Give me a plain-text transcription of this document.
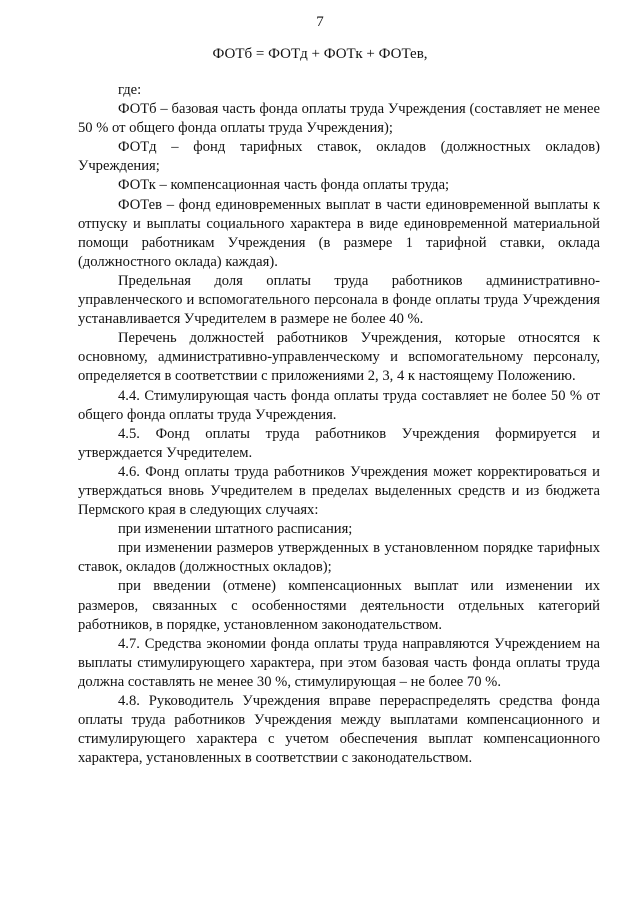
7
ФОТб = ФОТд + ФОТк + ФОТев,

где:

ФОТб – базовая часть фонда оплаты труда Учреждения (составляет не менее 50 % от общего фонда оплаты труда Учреждения);

ФОТд – фонд тарифных ставок, окладов (должностных окладов) Учреждения;

ФОТк – компенсационная часть фонда оплаты труда;

ФОТев – фонд единовременных выплат в части единовременной выплаты к отпуску и выплаты социального характера в виде единовременной материальной помощи работникам Учреждения (в размере 1 тарифной ставки, оклада (должностного оклада) каждая).

Предельная доля оплаты труда работников административно-управленческого и вспомогательного персонала в фонде оплаты труда Учреждения устанавливается Учредителем в размере не более 40 %.

Перечень должностей работников Учреждения, которые относятся к основному, административно-управленческому и вспомогательному персоналу, определяется в соответствии с приложениями 2, 3, 4 к настоящему Положению.

4.4. Стимулирующая часть фонда оплаты труда составляет не более 50 % от общего фонда оплаты труда Учреждения.

4.5. Фонд оплаты труда работников Учреждения формируется и утверждается Учредителем.

4.6. Фонд оплаты труда работников Учреждения может корректироваться и утверждаться вновь Учредителем в пределах выделенных средств и из бюджета Пермского края в следующих случаях:

при изменении штатного расписания;

при изменении размеров утвержденных в установленном порядке тарифных ставок, окладов (должностных окладов);

при введении (отмене) компенсационных выплат или изменении их размеров, связанных с особенностями деятельности отдельных категорий работников, в порядке, установленном законодательством.

4.7. Средства экономии фонда оплаты труда направляются Учреждением на выплаты стимулирующего характера, при этом базовая часть фонда оплаты труда должна составлять не менее 30 %, стимулирующая – не более 70 %.

4.8. Руководитель Учреждения вправе перераспределять средства фонда оплаты труда работников Учреждения между выплатами компенсационного и стимулирующего характера с учетом обеспечения выплат компенсационного характера, установленных в соответствии с законодательством.
